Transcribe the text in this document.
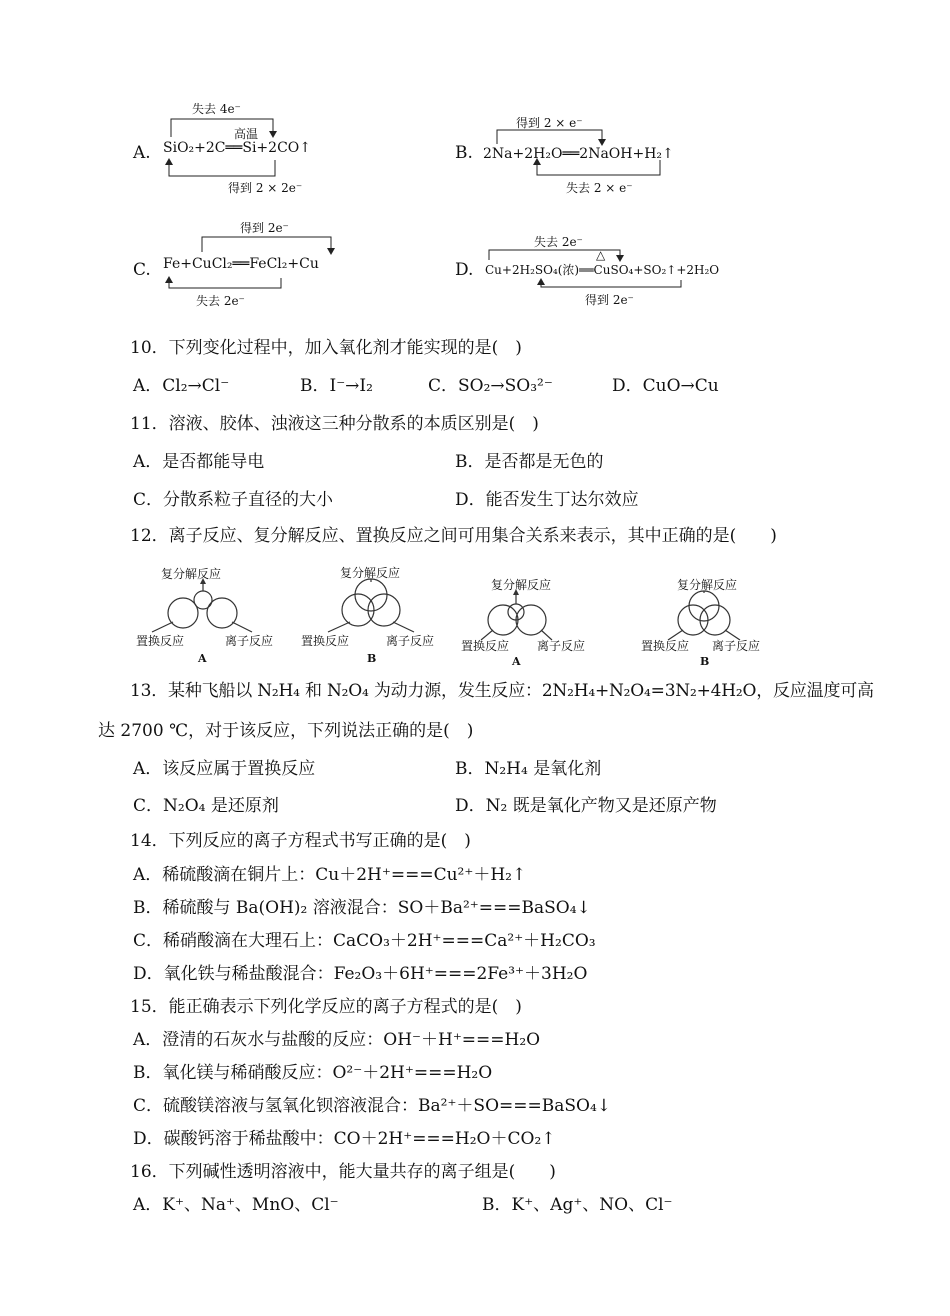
A.
失去 4e⁻
高温
SiO₂+2C══Si+2CO↑
得到 2 × 2e⁻
B.
得到 2 × e⁻
2Na+2H₂O══2NaOH+H₂↑
失去 2 × e⁻
C.
得到 2e⁻
Fe+CuCl₂══FeCl₂+Cu
失去 2e⁻
D.
失去 2e⁻
△
Cu+2H₂SO₄(浓)══CuSO₄+SO₂↑+2H₂O
得到 2e⁻
10．下列变化过程中，加入氧化剂才能实现的是(　)
A．Cl₂→Cl⁻	B．I⁻→I₂	C．SO₂→SO₃²⁻	D．CuO→Cu
11．溶液、胶体、浊液这三种分散系的本质区别是(　)
A．是否都能导电	B．是否都是无色的
C．分散系粒子直径的大小	D．能否发生丁达尔效应
12．离子反应、复分解反应、置换反应之间可用集合关系来表示，其中正确的是(　　)
复分解反应
置换反应	离子反应
A
复分解反应
置换反应	离子反应
B
复分解反应
置换反应 离子反应
A
复分解反应
置换反应 离子反应
B
13．某种飞船以 N₂H₄ 和 N₂O₄ 为动力源，发生反应：2N₂H₄+N₂O₄=3N₂+4H₂O，反应温度可高
达 2700 ℃，对于该反应，下列说法正确的是(　)
A．该反应属于置换反应	B．N₂H₄ 是氧化剂
C．N₂O₄ 是还原剂	D．N₂ 既是氧化产物又是还原产物
14．下列反应的离子方程式书写正确的是(　)
A．稀硫酸滴在铜片上：Cu＋2H⁺===Cu²⁺＋H₂↑
B．稀硫酸与 Ba(OH)₂ 溶液混合：SO＋Ba²⁺===BaSO₄↓
C．稀硝酸滴在大理石上：CaCO₃＋2H⁺===Ca²⁺＋H₂CO₃
D．氧化铁与稀盐酸混合：Fe₂O₃＋6H⁺===2Fe³⁺＋3H₂O
15．能正确表示下列化学反应的离子方程式的是(　)
A．澄清的石灰水与盐酸的反应：OH⁻＋H⁺===H₂O
B．氧化镁与稀硝酸反应：O²⁻＋2H⁺===H₂O
C．硫酸镁溶液与氢氧化钡溶液混合：Ba²⁺＋SO===BaSO₄↓
D．碳酸钙溶于稀盐酸中：CO＋2H⁺===H₂O＋CO₂↑
16．下列碱性透明溶液中，能大量共存的离子组是(　　)
A．K⁺、Na⁺、MnO、Cl⁻	B．K⁺、Ag⁺、NO、Cl⁻
